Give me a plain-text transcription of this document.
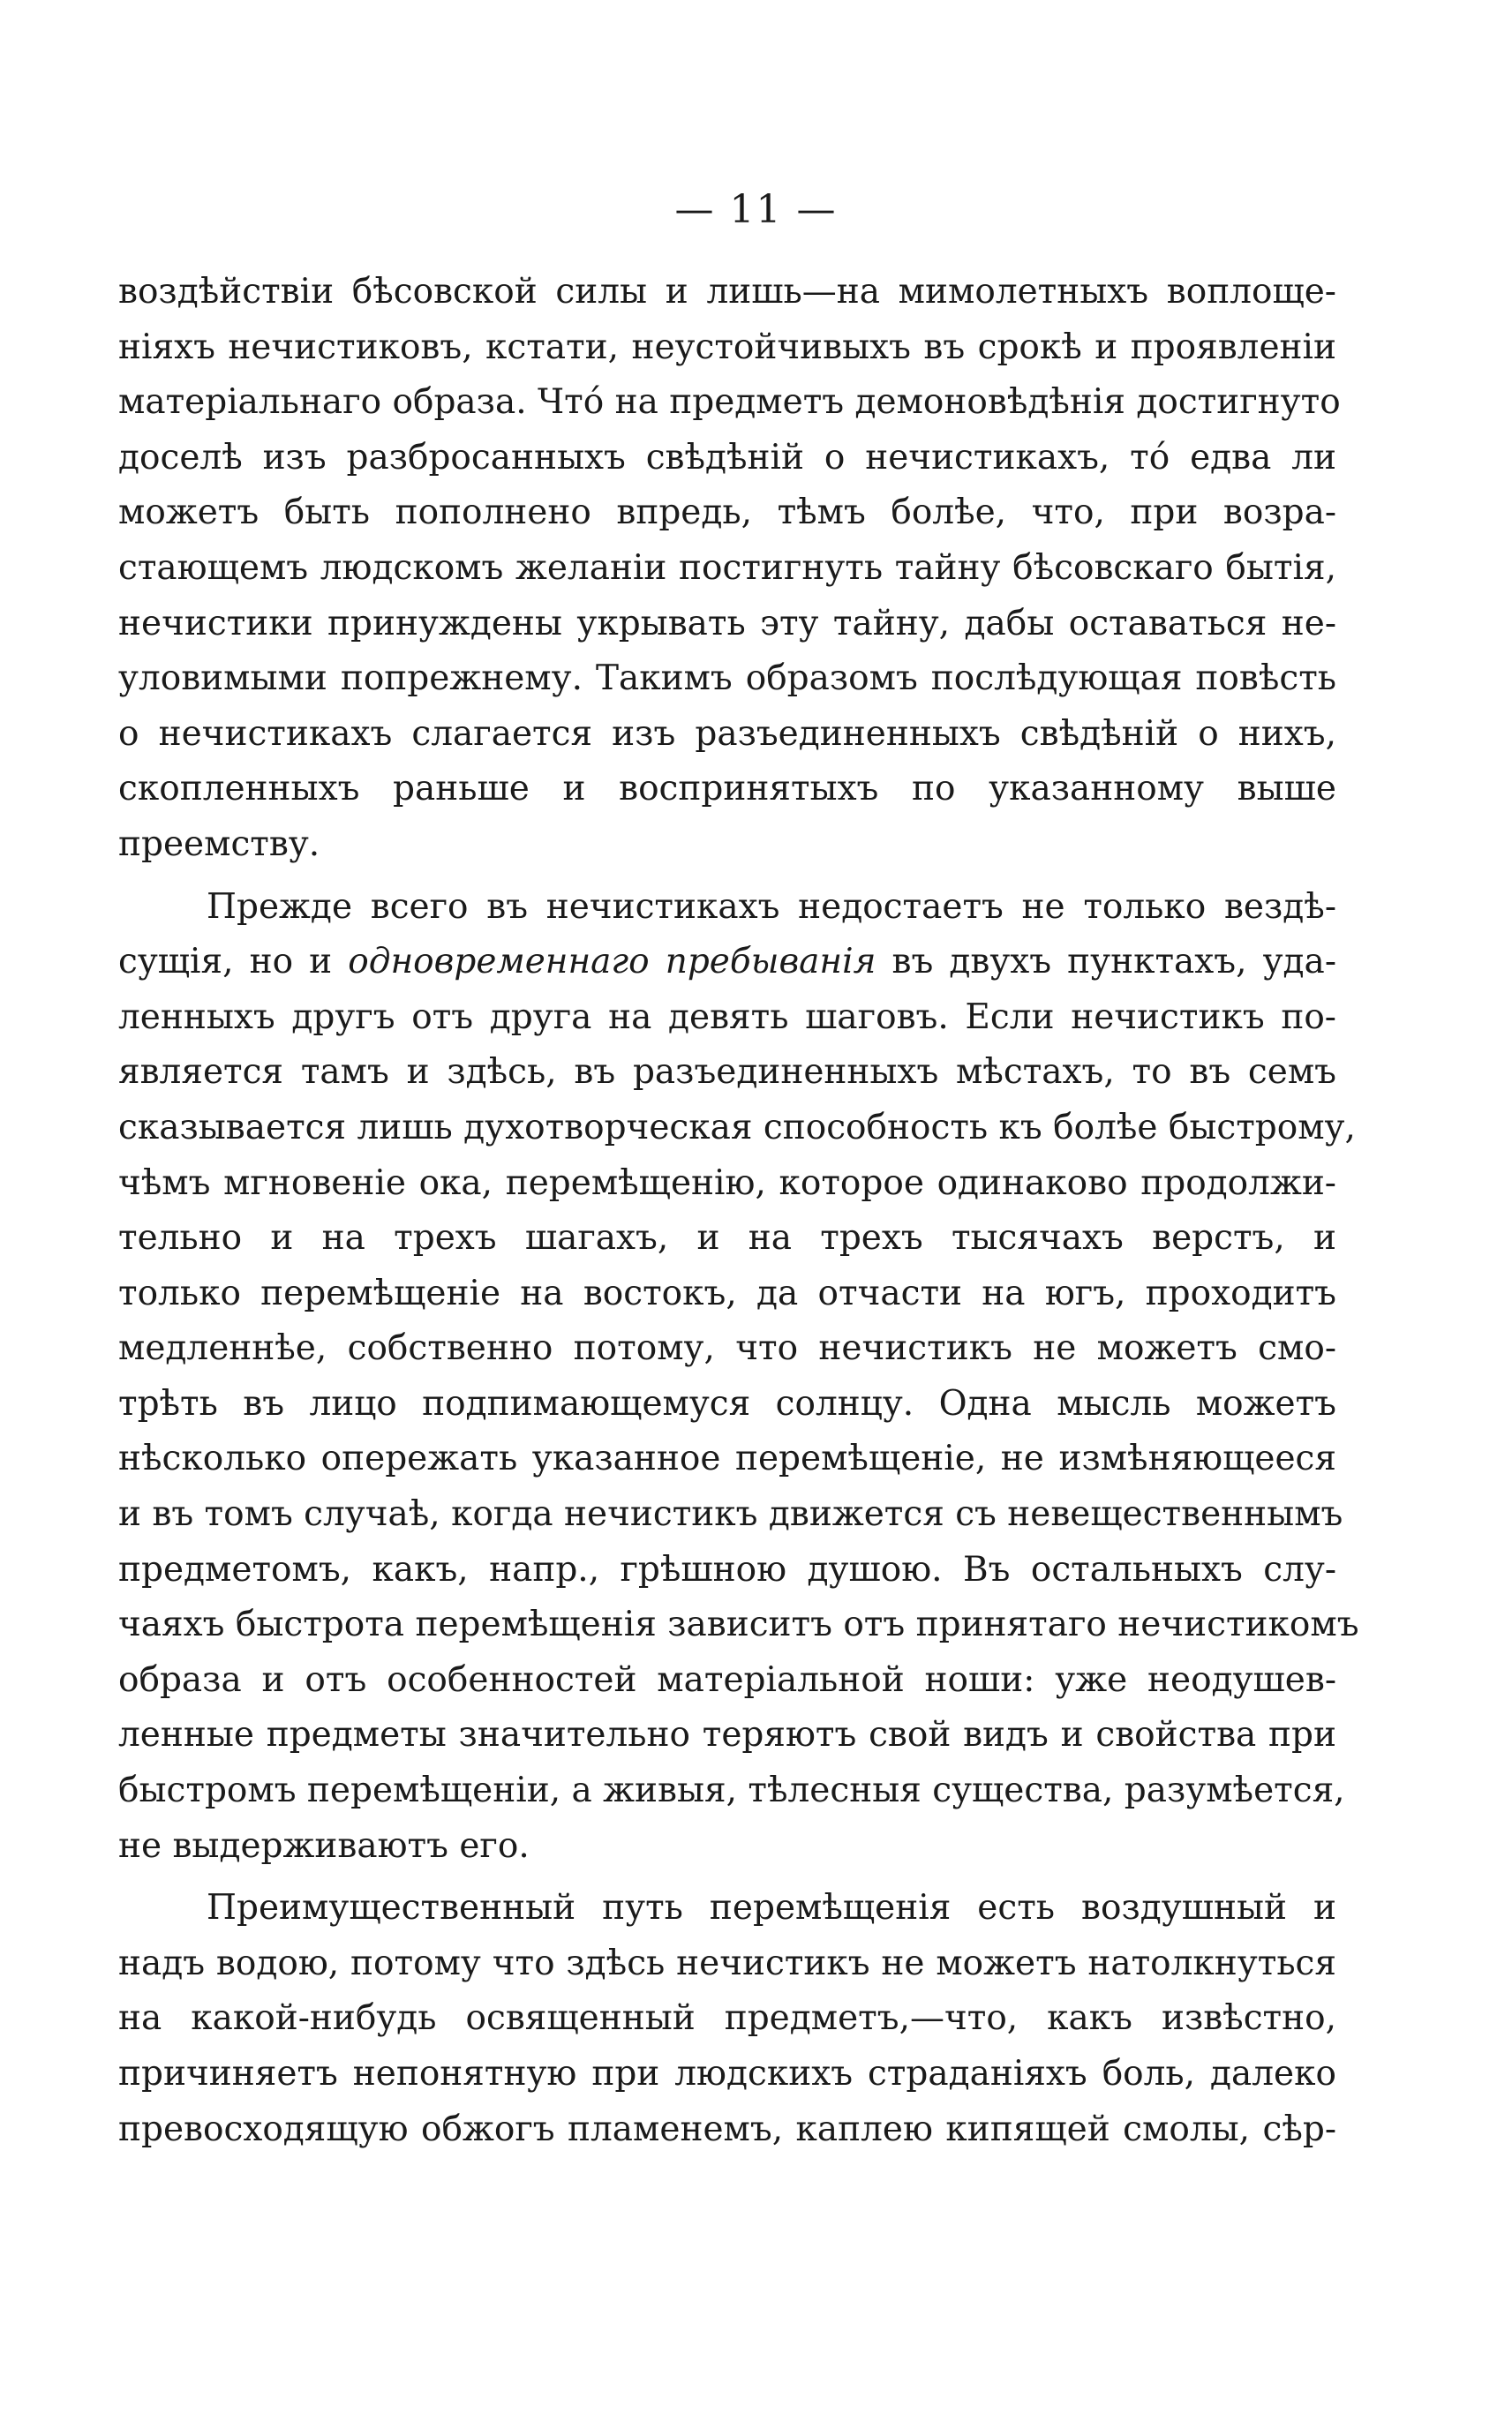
— 11 —
воздѣйствіи бѣсовской силы и лишь—на мимолетныхъ воплоще-
ніяхъ нечистиковъ, кстати, неустойчивыхъ въ срокѣ и проявленіи
матеріальнаго образа. Чтó на предметъ демоновѣдѣнія достигнуто
доселѣ изъ разбросанныхъ свѣдѣній о нечистикахъ, тó едва ли
можетъ быть пополнено впредь, тѣмъ болѣе, что, при возра-
стающемъ людскомъ желаніи постигнуть тайну бѣсовскаго бытія,
нечистики принуждены укрывать эту тайну, дабы оставаться не-
уловимыми попрежнему. Такимъ образомъ послѣдующая повѣсть
о нечистикахъ слагается изъ разъединенныхъ свѣдѣній о нихъ,
скопленныхъ раньше и воспринятыхъ по указанному выше
преемству.
Прежде всего въ нечистикахъ недостаетъ не только вездѣ-
сущія, но и одновременнаго пребыванія въ двухъ пунктахъ, уда-
ленныхъ другъ отъ друга на девять шаговъ. Если нечистикъ по-
является тамъ и здѣсь, въ разъединенныхъ мѣстахъ, то въ семъ
сказывается лишь духотворческая способность къ болѣе быстрому,
чѣмъ мгновеніе ока, перемѣщенію, которое одинаково продолжи-
тельно и на трехъ шагахъ, и на трехъ тысячахъ верстъ, и
только перемѣщеніе на востокъ, да отчасти на югъ, проходитъ
медленнѣе, собственно потому, что нечистикъ не можетъ смо-
трѣть въ лицо подпимающемуся солнцу. Одна мысль можетъ
нѣсколько опережать указанное перемѣщеніе, не измѣняющееся
и въ томъ случаѣ, когда нечистикъ движется съ невещественнымъ
предметомъ, какъ, напр., грѣшною душою. Въ остальныхъ слу-
чаяхъ быстрота перемѣщенія зависитъ отъ принятаго нечистикомъ
образа и отъ особенностей матеріальной ноши: уже неодушев-
ленные предметы значительно теряютъ свой видъ и свойства при
быстромъ перемѣщеніи, а живыя, тѣлесныя существа, разумѣется,
не выдерживаютъ его.
Преимущественный путь перемѣщенія есть воздушный и
надъ водою, потому что здѣсь нечистикъ не можетъ натолкнуться
на какой-нибудь освященный предметъ,—что, какъ извѣстно,
причиняетъ непонятную при людскихъ страданіяхъ боль, далеко
превосходящую обжогъ пламенемъ, каплею кипящей смолы, сѣр-
